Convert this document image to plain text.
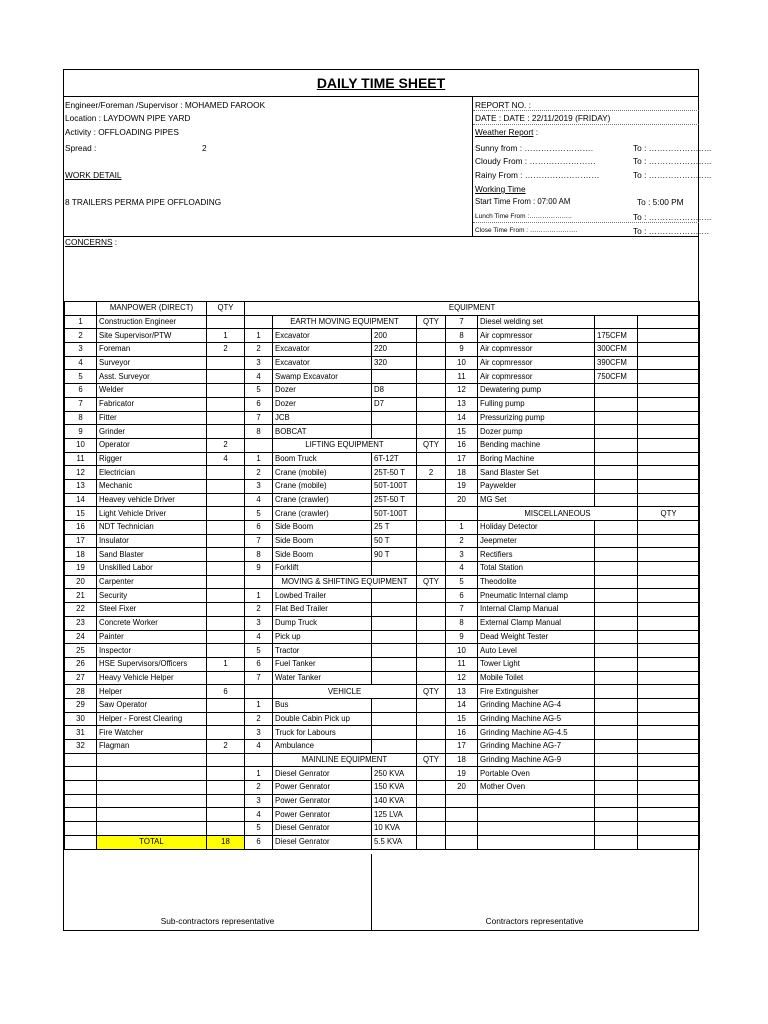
DAILY TIME SHEET
Engineer/Foreman /Supervisor : MOHAMED FAROOK
Location : LAYDOWN PIPE YARD
Activity : OFFLOADING PIPES
Spread :	2
WORK DETAIL
8 TRAILERS PERMA PIPE OFFLOADING
CONCERNS :
REPORT NO. :
DATE : DATE : 22/11/2019 (FRIDAY)
Weather Report :
Sunny from : …………………….	To : …………………..
Cloudy From : ……………………	To : …………………..
Rainy From : ………………………	To : …………………..
Working Time
Start Time From : 07:00 AM	To : 5:00 PM
Lunch Time From :………………..	To : …………………..
Close Time From : ………………….	To : ………………….
	MANPOWER (DIRECT)	QTY	EQUIPMENT							
1	Construction Engineer			EARTH MOVING EQUIPMENT		QTY	7	Diesel welding set		
2	Site Supervisor/PTW	1	1	Excavator	200		8	Air copmressor	175CFM	
3	Foreman	2	2	Excavator	220		9	Air copmressor	300CFM	
4	Surveyor		3	Excavator	320		10	Air copmressor	390CFM	
5	Asst. Surveyor		4	Swamp Excavator			11	Air copmressor	750CFM	
6	Welder		5	Dozer	D8		12	Dewatering pump		
7	Fabricator		6	Dozer	D7		13	Fulling pump		
8	Fitter		7	JCB			14	Pressurizing pump		
9	Grinder		8	BOBCAT			15	Dozer pump		
10	Operator	2		LIFTING EQUIPMENT		QTY	16	Bending machine		
11	Rigger	4	1	Boom Truck	6T-12T		17	Boring Machine		
12	Electrician		2	Crane (mobile)	25T-50 T	2	18	Sand Blaster Set		
13	Mechanic		3	Crane (mobile)	50T-100T		19	Paywelder		
14	Heavey vehicle Driver		4	Crane (crawler)	25T-50 T		20	MG Set		
15	Light Vehicle Driver		5	Crane (crawler)	50T-100T			MISCELLANEOUS		QTY
16	NDT Technician		6	Side Boom	25 T		1	Holiday Detector		
17	Insulator		7	Side Boom	50 T		2	Jeepmeter		
18	Sand Blaster		8	Side Boom	90 T		3	Rectifiers		
19	Unskilled Labor		9	Forklift			4	Total Station		
20	Carpenter			MOVING & SHIFTING EQUIPMENT		QTY	5	Theodolite		
21	Security		1	Lowbed Trailer			6	Pneumatic Internal clamp		
22	Steel Fixer		2	Flat Bed Trailer			7	Internal Clamp Manual		
23	Concrete Worker		3	Dump Truck			8	External Clamp Manual		
24	Painter		4	Pick up			9	Dead Weight Tester		
25	Inspector		5	Tractor			10	Auto Level		
26	HSE Supervisors/Officers	1	6	Fuel Tanker			11	Tower Light		
27	Heavy Vehicle Helper		7	Water Tanker			12	Mobile Toilet		
28	Helper	6		VEHICLE		QTY	13	Fire Extinguisher		
29	Saw Operator		1	Bus			14	Grinding Machine AG-4		
30	Helper - Forest Clearing		2	Double Cabin Pick up			15	Grinding Machine AG-5		
31	Fire Watcher		3	Truck for Labours			16	Grinding Machine AG-4.5		
32	Flagman	2	4	Ambulance			17	Grinding Machine AG-7		
				MAINLINE EQUIPMENT		QTY	18	Grinding Machine AG-9		
			1	Diesel Genrator	250 KVA		19	Portable Oven		
			2	Power Genrator	150 KVA		20	Mother Oven		
			3	Power Genrator	140 KVA					
			4	Power Genrator	125 LVA					
			5	Diesel Genrator	10 KVA					
	TOTAL	18	6	Diesel Genrator	5.5 KVA					
Sub-contractors representative	Contractors representative
